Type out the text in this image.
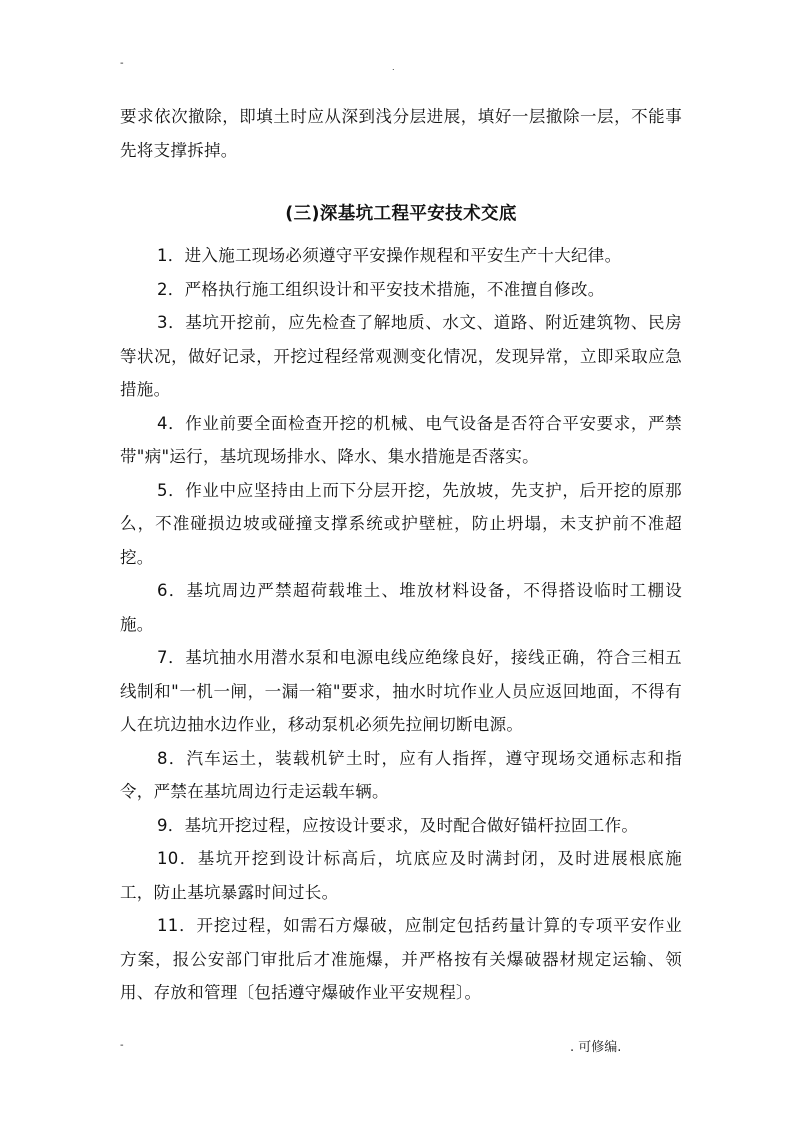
-	.

要求依次撤除，即填土时应从深到浅分层进展，填好一层撤除一层，不能事先将支撑拆掉。

(三)深基坑工程平安技术交底

1．进入施工现场必须遵守平安操作规程和平安生产十大纪律。

2．严格执行施工组织设计和平安技术措施，不准擅自修改。

3．基坑开挖前，应先检查了解地质、水文、道路、附近建筑物、民房等状况，做好记录，开挖过程经常观测变化情况，发现异常，立即采取应急措施。

4．作业前要全面检查开挖的机械、电气设备是否符合平安要求，严禁带"病"运行，基坑现场排水、降水、集水措施是否落实。

5．作业中应坚持由上而下分层开挖，先放坡，先支护，后开挖的原那么，不准碰损边坡或碰撞支撑系统或护壁桩，防止坍塌，未支护前不准超挖。

6．基坑周边严禁超荷载堆土、堆放材料设备，不得搭设临时工棚设施。

7．基坑抽水用潜水泵和电源电线应绝缘良好，接线正确，符合三相五线制和"一机一闸，一漏一箱"要求，抽水时坑作业人员应返回地面，不得有人在坑边抽水边作业，移动泵机必须先拉闸切断电源。

8．汽车运土，装载机铲土时，应有人指挥，遵守现场交通标志和指令，严禁在基坑周边行走运载车辆。

9．基坑开挖过程，应按设计要求，及时配合做好锚杆拉固工作。

10．基坑开挖到设计标高后，坑底应及时满封闭，及时进展根底施工，防止基坑暴露时间过长。

11．开挖过程，如需石方爆破，应制定包括药量计算的专项平安作业方案，报公安部门审批后才准施爆，并严格按有关爆破器材规定运输、领用、存放和管理〔包括遵守爆破作业平安规程〕。

-	. 可修编.
